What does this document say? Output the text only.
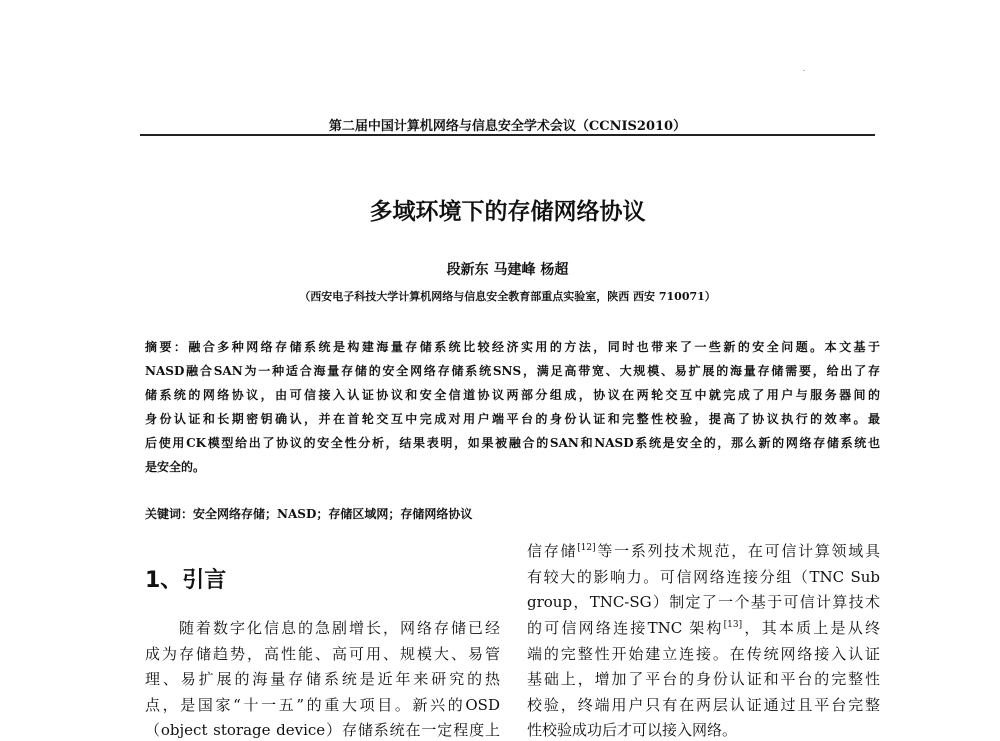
第二届中国计算机网络与信息安全学术会议（CCNIS2010）
多域环境下的存储网络协议
段新东 马建峰 杨超
（西安电子科技大学计算机网络与信息安全教育部重点实验室，陕西 西安 710071）
摘要：融合多种网络存储系统是构建海量存储系统比较经济实用的方法，同时也带来了一些新的安全问题。本文基于
NASD融合SAN为一种适合海量存储的安全网络存储系统SNS，满足高带宽、大规模、易扩展的海量存储需要，给出了存
储系统的网络协议，由可信接入认证协议和安全信道协议两部分组成，协议在两轮交互中就完成了用户与服务器间的
身份认证和长期密钥确认，并在首轮交互中完成对用户端平台的身份认证和完整性校验，提高了协议执行的效率。最
后使用CK模型给出了协议的安全性分析，结果表明，如果被融合的SAN和NASD系统是安全的，那么新的网络存储系统也
是安全的。
关键词：安全网络存储；NASD；存储区域网；存储网络协议
1、引言
　　随着数字化信息的急剧增长，网络存储已经
成为存储趋势，高性能、高可用、规模大、易管
理、易扩展的海量存储系统是近年来研究的热
点，是国家“十一五”的重大项目。新兴的OSD
（object storage device）存储系统在一定程度上
信存储[12]等一系列技术规范，在可信计算领域具
有较大的影响力。可信网络连接分组（TNC Sub
group，TNC-SG）制定了一个基于可信计算技术
的可信网络连接TNC 架构[13]，其本质上是从终
端的完整性开始建立连接。在传统网络接入认证
基础上，增加了平台的身份认证和平台的完整性
校验，终端用户只有在两层认证通过且平台完整
性校验成功后才可以接入网络。
